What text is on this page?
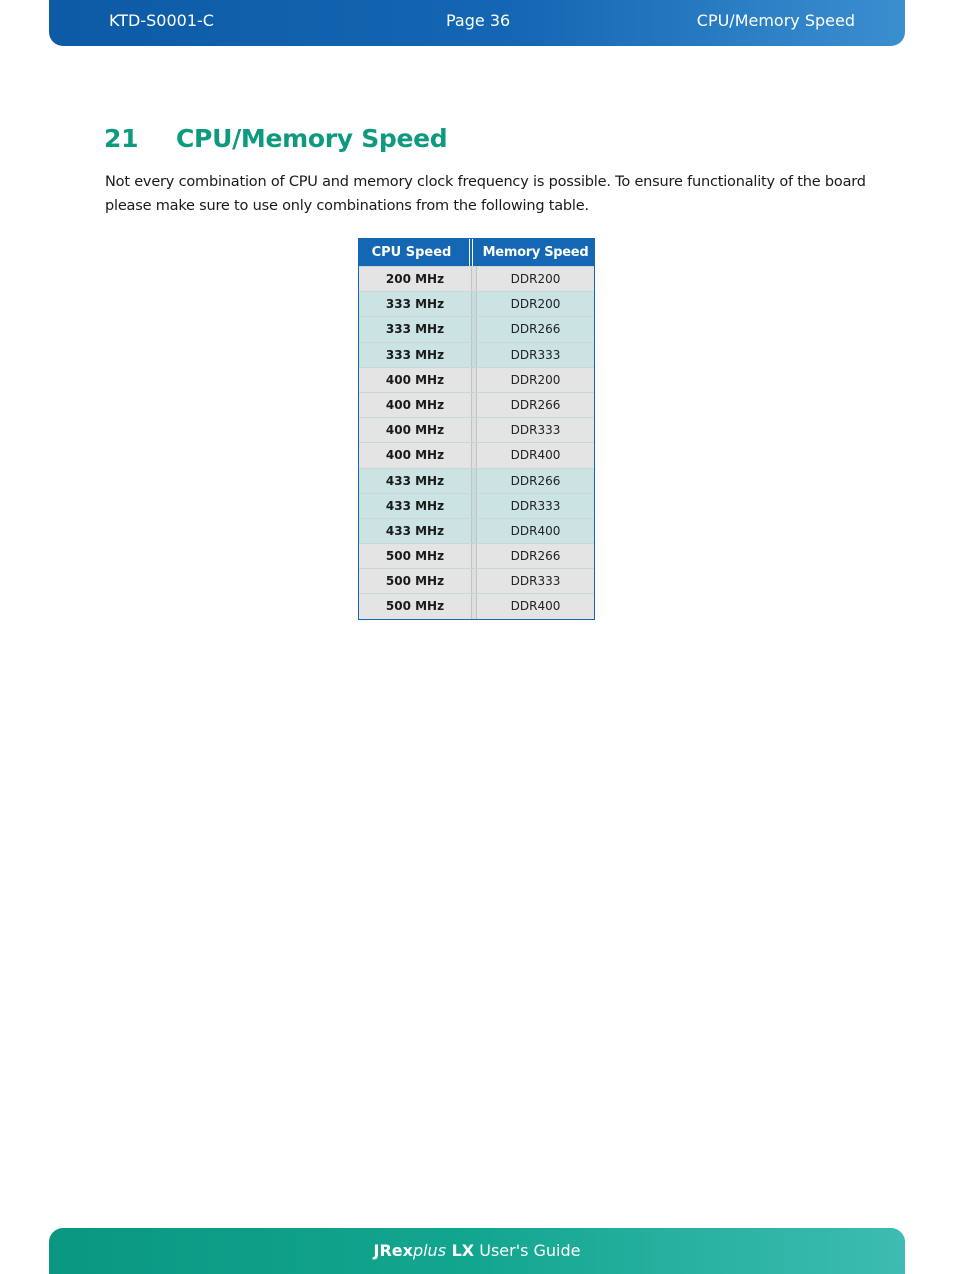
KTD-S0001-C	Page 36	CPU/Memory Speed
21 CPU/Memory Speed

Not every combination of CPU and memory clock frequency is possible. To ensure functionality of the board please make sure to use only combinations from the following table.

CPU Speed	Memory Speed
200 MHz	DDR200
333 MHz	DDR200
333 MHz	DDR266
333 MHz	DDR333
400 MHz	DDR200
400 MHz	DDR266
400 MHz	DDR333
400 MHz	DDR400
433 MHz	DDR266
433 MHz	DDR333
433 MHz	DDR400
500 MHz	DDR266
500 MHz	DDR333
500 MHz	DDR400
JRexplus LX User's Guide
